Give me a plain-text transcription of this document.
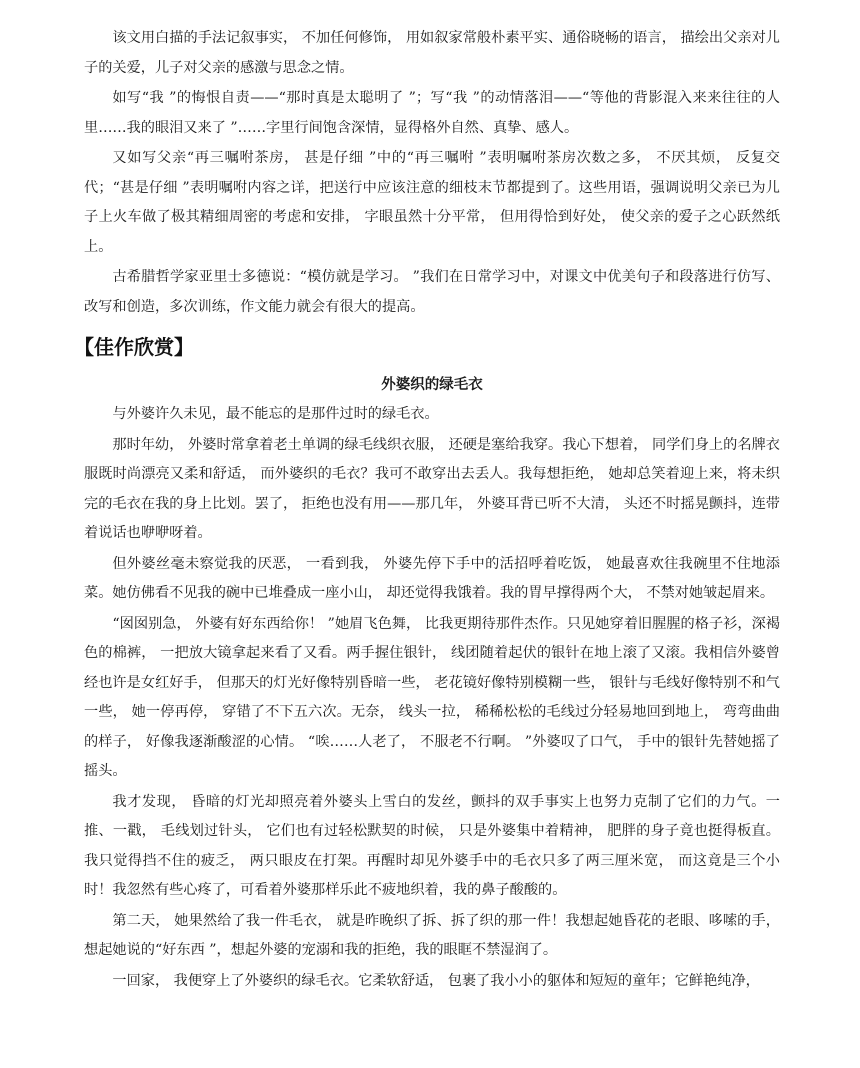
该文用白描的手法记叙事实， 不加任何修饰， 用如叙家常般朴素平实、通俗晓畅的语言， 描绘出父亲对儿子的关爱，儿子对父亲的感激与思念之情。

如写“我 ”的悔恨自责——“那时真是太聪明了 ”；写“我 ”的动情落泪——“等他的背影混入来来往往的人里……我的眼泪又来了 ”……字里行间饱含深情，显得格外自然、真挚、感人。

又如写父亲“再三嘱咐茶房， 甚是仔细 ”中的“再三嘱咐 ”表明嘱咐茶房次数之多， 不厌其烦， 反复交代；“甚是仔细 ”表明嘱咐内容之详，把送行中应该注意的细枝末节都提到了。这些用语，强调说明父亲已为儿子上火车做了极其精细周密的考虑和安排， 字眼虽然十分平常， 但用得恰到好处， 使父亲的爱子之心跃然纸上。

古希腊哲学家亚里士多德说：“模仿就是学习。 ”我们在日常学习中，对课文中优美句子和段落进行仿写、改写和创造，多次训练，作文能力就会有很大的提高。

【佳作欣赏】
外婆织的绿毛衣

与外婆许久未见，最不能忘的是那件过时的绿毛衣。

那时年幼， 外婆时常拿着老土单调的绿毛线织衣服， 还硬是塞给我穿。我心下想着， 同学们身上的名牌衣服既时尚漂亮又柔和舒适， 而外婆织的毛衣？我可不敢穿出去丢人。我每想拒绝， 她却总笑着迎上来，将未织完的毛衣在我的身上比划。罢了， 拒绝也没有用——那几年， 外婆耳背已听不大清， 头还不时摇晃颤抖，连带着说话也咿咿呀着。

但外婆丝毫未察觉我的厌恶， 一看到我， 外婆先停下手中的活招呼着吃饭， 她最喜欢往我碗里不住地添菜。她仿佛看不见我的碗中已堆叠成一座小山， 却还觉得我饿着。我的胃早撑得两个大， 不禁对她皱起眉来。

“囡囡别急， 外婆有好东西给你！ ”她眉飞色舞， 比我更期待那件杰作。只见她穿着旧腥腥的格子衫，深褐色的棉裤， 一把放大镜拿起来看了又看。两手握住银针， 线团随着起伏的银针在地上滚了又滚。我相信外婆曾经也许是女红好手， 但那天的灯光好像特别昏暗一些， 老花镜好像特别模糊一些， 银针与毛线好像特别不和气一些， 她一停再停， 穿错了不下五六次。无奈， 线头一拉， 稀稀松松的毛线过分轻易地回到地上， 弯弯曲曲的样子， 好像我逐渐酸涩的心情。 “唉……人老了， 不服老不行啊。 ”外婆叹了口气， 手中的银针先替她摇了摇头。

我才发现， 昏暗的灯光却照亮着外婆头上雪白的发丝，颤抖的双手事实上也努力克制了它们的力气。一推、一戳， 毛线划过针头， 它们也有过轻松默契的时候， 只是外婆集中着精神， 肥胖的身子竟也挺得板直。我只觉得挡不住的疲乏， 两只眼皮在打架。再醒时却见外婆手中的毛衣只多了两三厘米宽， 而这竟是三个小时！我忽然有些心疼了，可看着外婆那样乐此不疲地织着，我的鼻子酸酸的。

第二天， 她果然给了我一件毛衣， 就是昨晚织了拆、拆了织的那一件！我想起她昏花的老眼、哆嗦的手，想起她说的“好东西 ”，想起外婆的宠溺和我的拒绝，我的眼眶不禁湿润了。

一回家， 我便穿上了外婆织的绿毛衣。它柔软舒适， 包裹了我小小的躯体和短短的童年；它鲜艳纯净，
